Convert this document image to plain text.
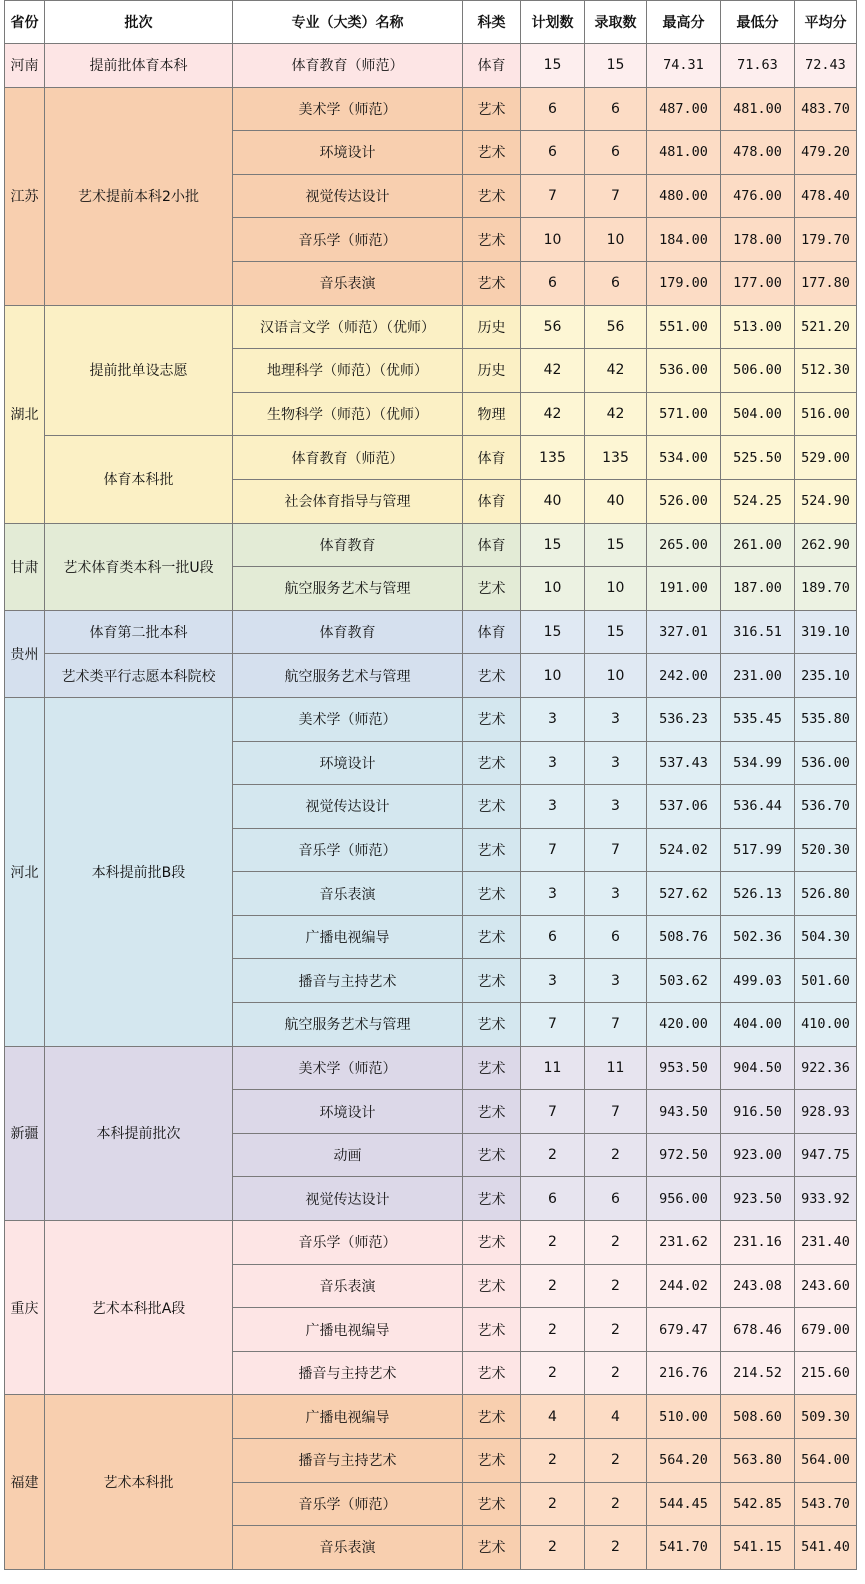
省份	批次	专业（大类）名称	科类	计划数	录取数	最高分	最低分	平均分
河南	提前批体育本科	体育教育（师范）	体育	15	15	74.31	71.63	72.43
江苏	艺术提前本科2小批	美术学（师范）	艺术	6	6	487.00	481.00	483.70
		环境设计	艺术	6	6	481.00	478.00	479.20
		视觉传达设计	艺术	7	7	480.00	476.00	478.40
		音乐学（师范）	艺术	10	10	184.00	178.00	179.70
		音乐表演	艺术	6	6	179.00	177.00	177.80
湖北	提前批单设志愿	汉语言文学（师范）（优师）	历史	56	56	551.00	513.00	521.20
		地理科学（师范）（优师）	历史	42	42	536.00	506.00	512.30
		生物科学（师范）（优师）	物理	42	42	571.00	504.00	516.00
	体育本科批	体育教育（师范）	体育	135	135	534.00	525.50	529.00
		社会体育指导与管理	体育	40	40	526.00	524.25	524.90
甘肃	艺术体育类本科一批U段	体育教育	体育	15	15	265.00	261.00	262.90
		航空服务艺术与管理	艺术	10	10	191.00	187.00	189.70
贵州	体育第二批本科	体育教育	体育	15	15	327.01	316.51	319.10
	艺术类平行志愿本科院校	航空服务艺术与管理	艺术	10	10	242.00	231.00	235.10
河北	本科提前批B段	美术学（师范）	艺术	3	3	536.23	535.45	535.80
		环境设计	艺术	3	3	537.43	534.99	536.00
		视觉传达设计	艺术	3	3	537.06	536.44	536.70
		音乐学（师范）	艺术	7	7	524.02	517.99	520.30
		音乐表演	艺术	3	3	527.62	526.13	526.80
		广播电视编导	艺术	6	6	508.76	502.36	504.30
		播音与主持艺术	艺术	3	3	503.62	499.03	501.60
		航空服务艺术与管理	艺术	7	7	420.00	404.00	410.00
新疆	本科提前批次	美术学（师范）	艺术	11	11	953.50	904.50	922.36
		环境设计	艺术	7	7	943.50	916.50	928.93
		动画	艺术	2	2	972.50	923.00	947.75
		视觉传达设计	艺术	6	6	956.00	923.50	933.92
重庆	艺术本科批A段	音乐学（师范）	艺术	2	2	231.62	231.16	231.40
		音乐表演	艺术	2	2	244.02	243.08	243.60
		广播电视编导	艺术	2	2	679.47	678.46	679.00
		播音与主持艺术	艺术	2	2	216.76	214.52	215.60
福建	艺术本科批	广播电视编导	艺术	4	4	510.00	508.60	509.30
		播音与主持艺术	艺术	2	2	564.20	563.80	564.00
		音乐学（师范）	艺术	2	2	544.45	542.85	543.70
		音乐表演	艺术	2	2	541.70	541.15	541.40
